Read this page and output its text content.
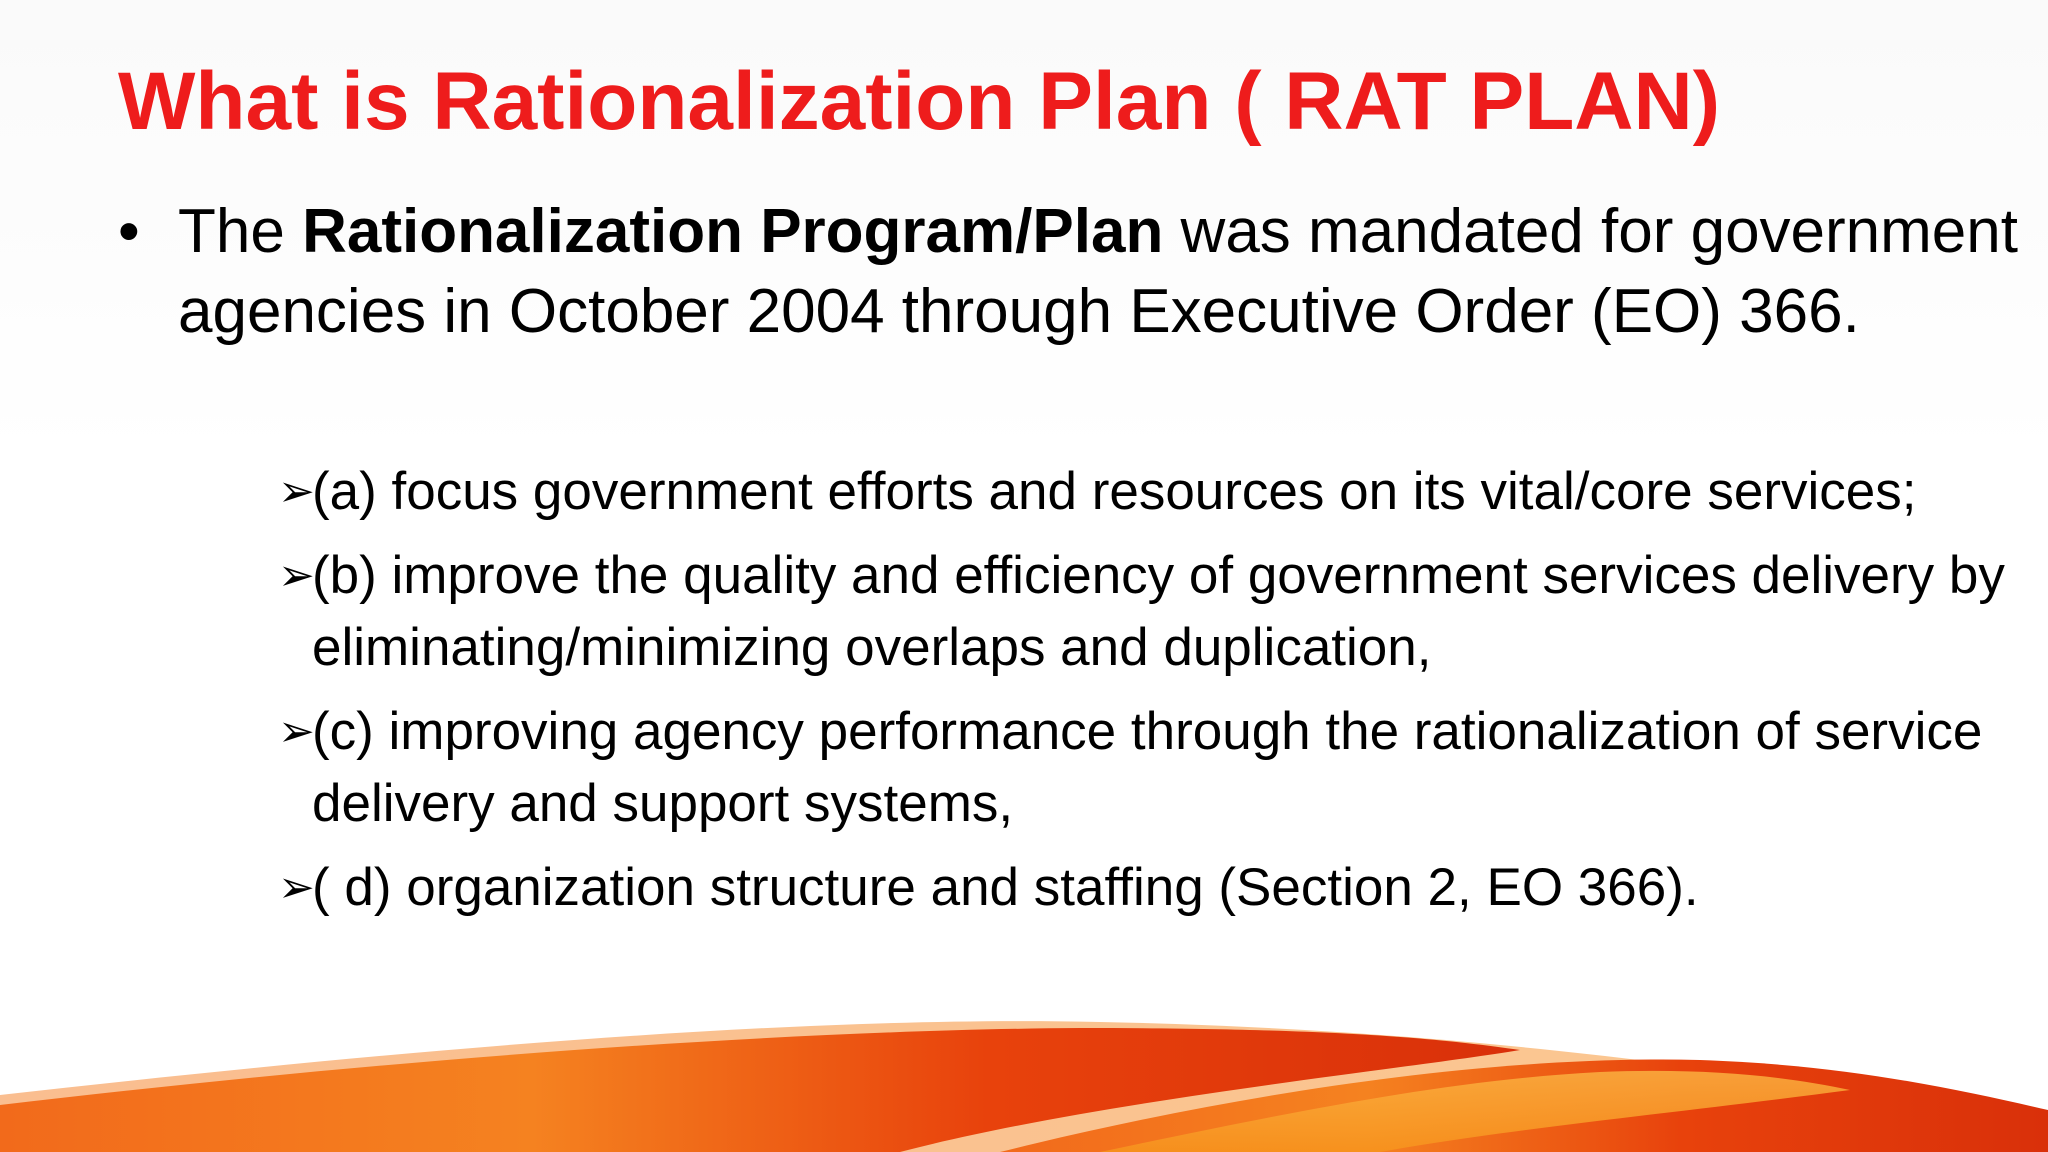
What is Rationalization Plan ( RAT PLAN)
• The Rationalization Program/Plan was mandated for government agencies in October 2004 through Executive Order (EO) 366.
➢
(a) focus government efforts and resources on its vital/core services;
➢
(b) improve the quality and efficiency of government services delivery by eliminating/minimizing overlaps and duplication,
➢
(c) improving agency performance through the rationalization of service delivery and support systems,
➢
( d) organization structure and staffing (Section 2, EO 366).
